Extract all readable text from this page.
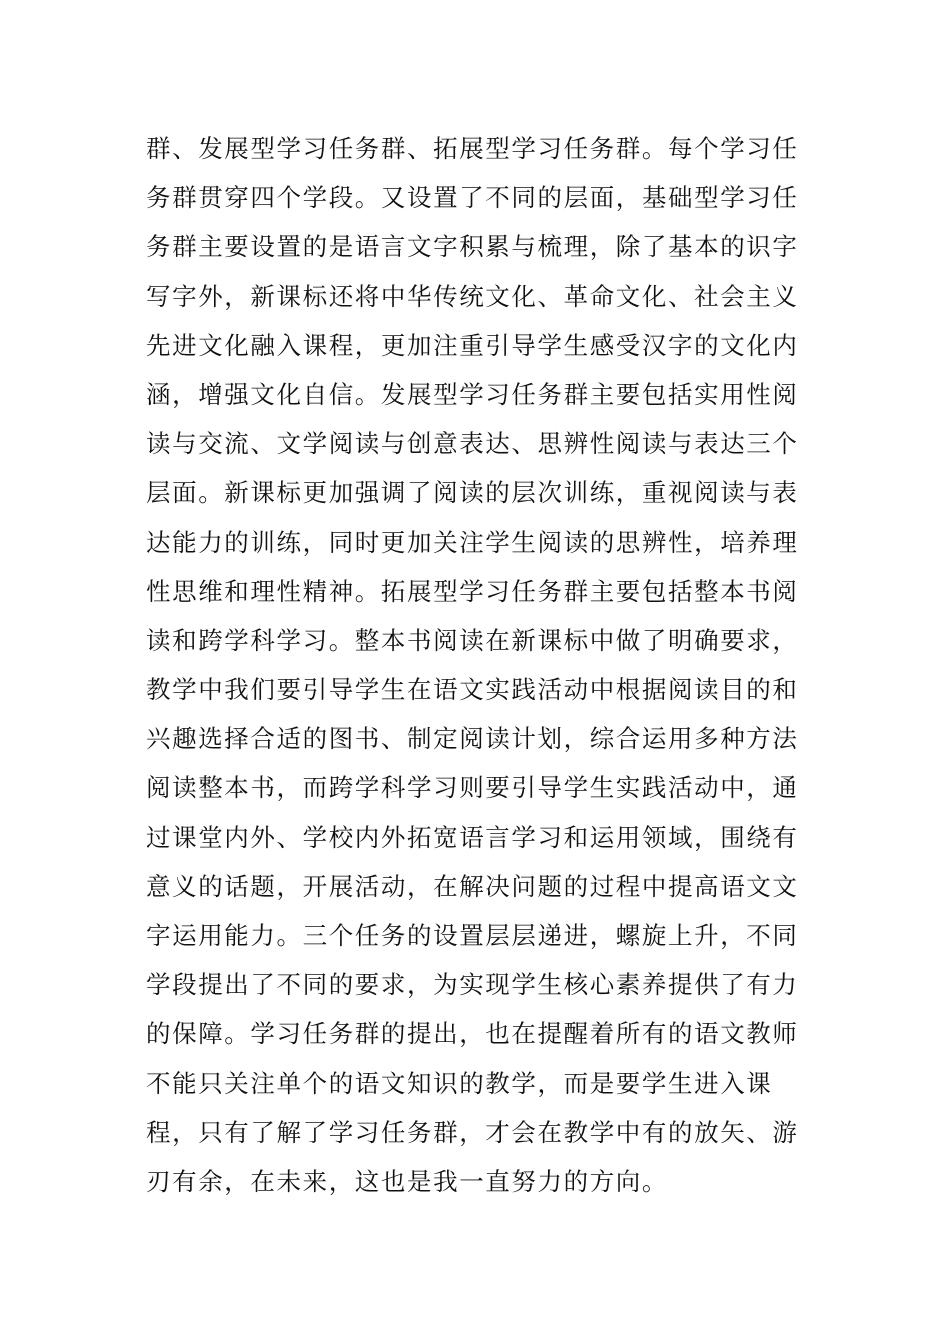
群、发展型学习任务群、拓展型学习任务群。每个学习任
务群贯穿四个学段。又设置了不同的层面，基础型学习任
务群主要设置的是语言文字积累与梳理，除了基本的识字
写字外，新课标还将中华传统文化、革命文化、社会主义
先进文化融入课程，更加注重引导学生感受汉字的文化内
涵，增强文化自信。发展型学习任务群主要包括实用性阅
读与交流、文学阅读与创意表达、思辨性阅读与表达三个
层面。新课标更加强调了阅读的层次训练，重视阅读与表
达能力的训练，同时更加关注学生阅读的思辨性，培养理
性思维和理性精神。拓展型学习任务群主要包括整本书阅
读和跨学科学习。整本书阅读在新课标中做了明确要求，
教学中我们要引导学生在语文实践活动中根据阅读目的和
兴趣选择合适的图书、制定阅读计划，综合运用多种方法
阅读整本书，而跨学科学习则要引导学生实践活动中，通
过课堂内外、学校内外拓宽语言学习和运用领域，围绕有
意义的话题，开展活动，在解决问题的过程中提高语文文
字运用能力。三个任务的设置层层递进，螺旋上升，不同
学段提出了不同的要求，为实现学生核心素养提供了有力
的保障。学习任务群的提出，也在提醒着所有的语文教师
不能只关注单个的语文知识的教学，而是要学生进入课
程，只有了解了学习任务群，才会在教学中有的放矢、游
刃有余，在未来，这也是我一直努力的方向。
